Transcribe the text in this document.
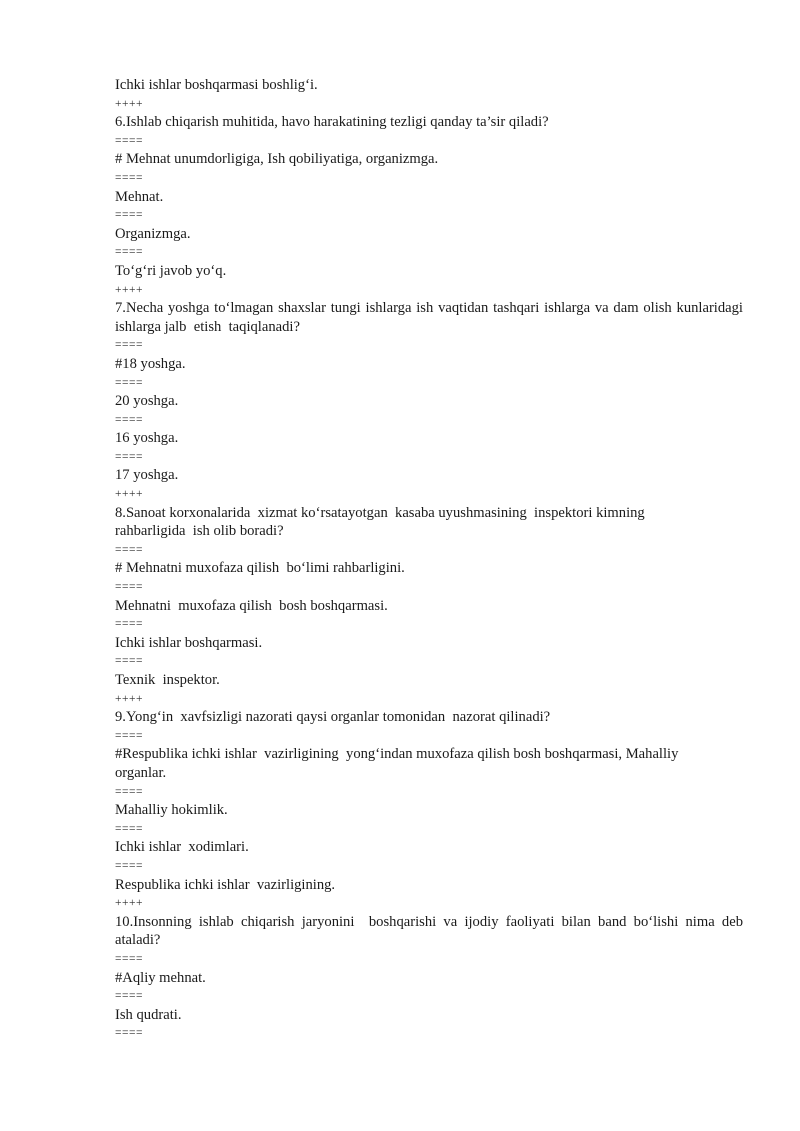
Ichki ishlar boshqarmasi boshlig‘i.
++++
6.Ishlab chiqarish muhitida, havo harakatining tezligi qanday ta’sir qiladi?
====
# Mehnat unumdorligiga, Ish qobiliyatiga, organizmga.
====
Mehnat.
====
Organizmga.
====
To‘g‘ri javob yo‘q.
++++
7.Necha yoshga to‘lmagan shaxslar tungi ishlarga ish vaqtidan tashqari ishlarga va dam olish kunlaridagi  ishlarga jalb  etish  taqiqlanadi?
====
#18 yoshga.
====
20 yoshga.
====
16 yoshga.
====
17 yoshga.
++++
8.Sanoat korxonalarida  xizmat ko‘rsatayotgan  kasaba uyushmasining  inspektori kimning
rahbarligida  ish olib boradi?
====
# Mehnatni muxofaza qilish  bo‘limi rahbarligini.
====
Mehnatni  muxofaza qilish  bosh boshqarmasi.
====
Ichki ishlar boshqarmasi.
====
Texnik  inspektor.
++++
9.Yong‘in  xavfsizligi nazorati qaysi organlar tomonidan  nazorat qilinadi?
====
#Respublika ichki ishlar  vazirligining  yong‘indan muxofaza qilish bosh boshqarmasi, Mahalliy
organlar.
====
Mahalliy hokimlik.
====
Ichki ishlar  xodimlari.
====
Respublika ichki ishlar  vazirligining.
++++
10.Insonning ishlab chiqarish jaryonini  boshqarishi va ijodiy faoliyati bilan band bo‘lishi nima deb ataladi?
====
#Aqliy mehnat.
====
Ish qudrati.
====
